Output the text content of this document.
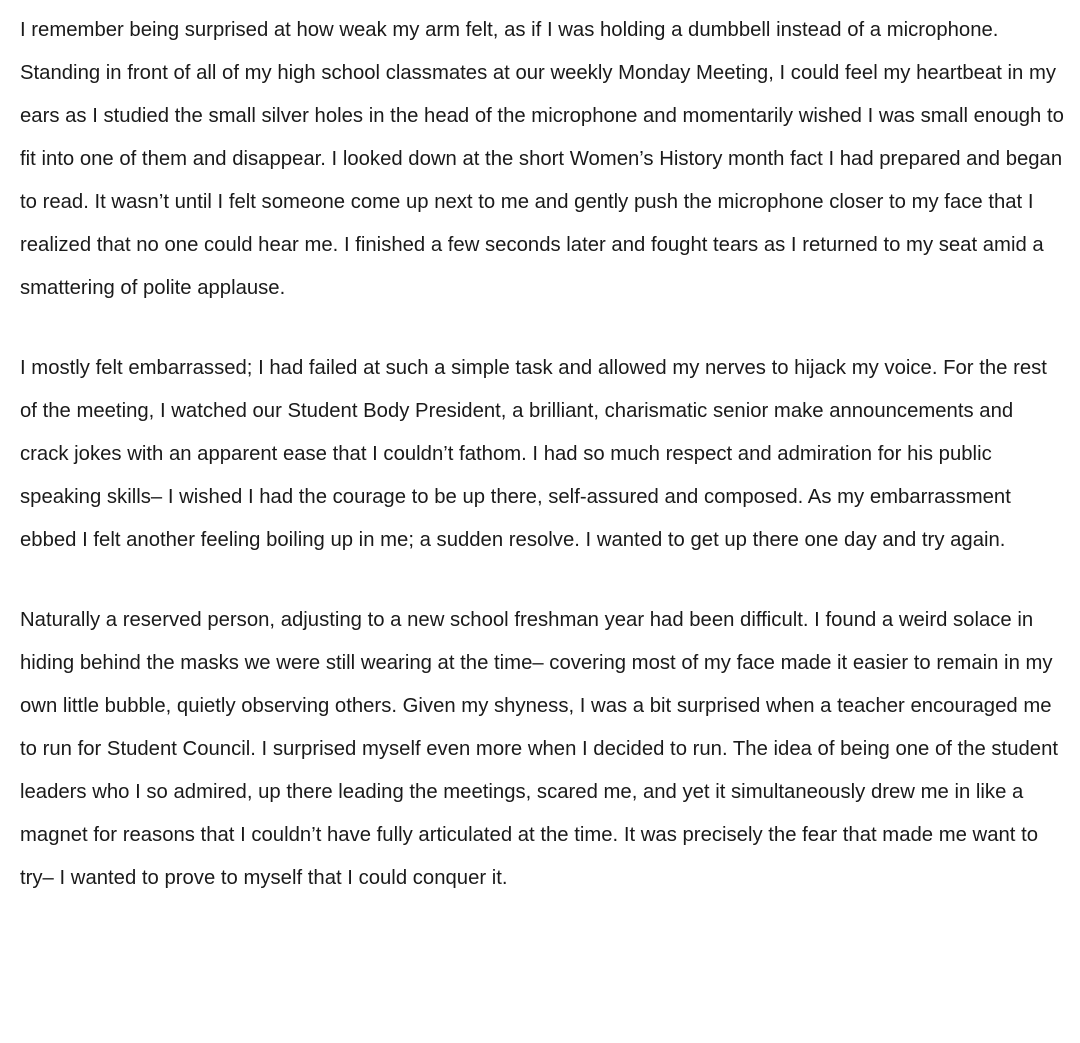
I remember being surprised at how weak my arm felt, as if I was holding a dumbbell instead of a microphone. Standing in front of all of my high school classmates at our weekly Monday Meeting, I could feel my heartbeat in my ears as I studied the small silver holes in the head of the microphone and momentarily wished I was small enough to fit into one of them and disappear. I looked down at the short Women’s History month fact I had prepared and began to read. It wasn’t until I felt someone come up next to me and gently push the microphone closer to my face that I realized that no one could hear me. I finished a few seconds later and fought tears as I returned to my seat amid a smattering of polite applause.

I mostly felt embarrassed; I had failed at such a simple task and allowed my nerves to hijack my voice. For the rest of the meeting, I watched our Student Body President, a brilliant, charismatic senior make announcements and crack jokes with an apparent ease that I couldn’t fathom. I had so much respect and admiration for his public speaking skills– I wished I had the courage to be up there, self-assured and composed. As my embarrassment ebbed I felt another feeling boiling up in me; a sudden resolve. I wanted to get up there one day and try again.

Naturally a reserved person, adjusting to a new school freshman year had been difficult. I found a weird solace in hiding behind the masks we were still wearing at the time– covering most of my face made it easier to remain in my own little bubble, quietly observing others. Given my shyness, I was a bit surprised when a teacher encouraged me to run for Student Council. I surprised myself even more when I decided to run. The idea of being one of the student leaders who I so admired, up there leading the meetings, scared me, and yet it simultaneously drew me in like a magnet for reasons that I couldn’t have fully articulated at the time. It was precisely the fear that made me want to try– I wanted to prove to myself that I could conquer it.
